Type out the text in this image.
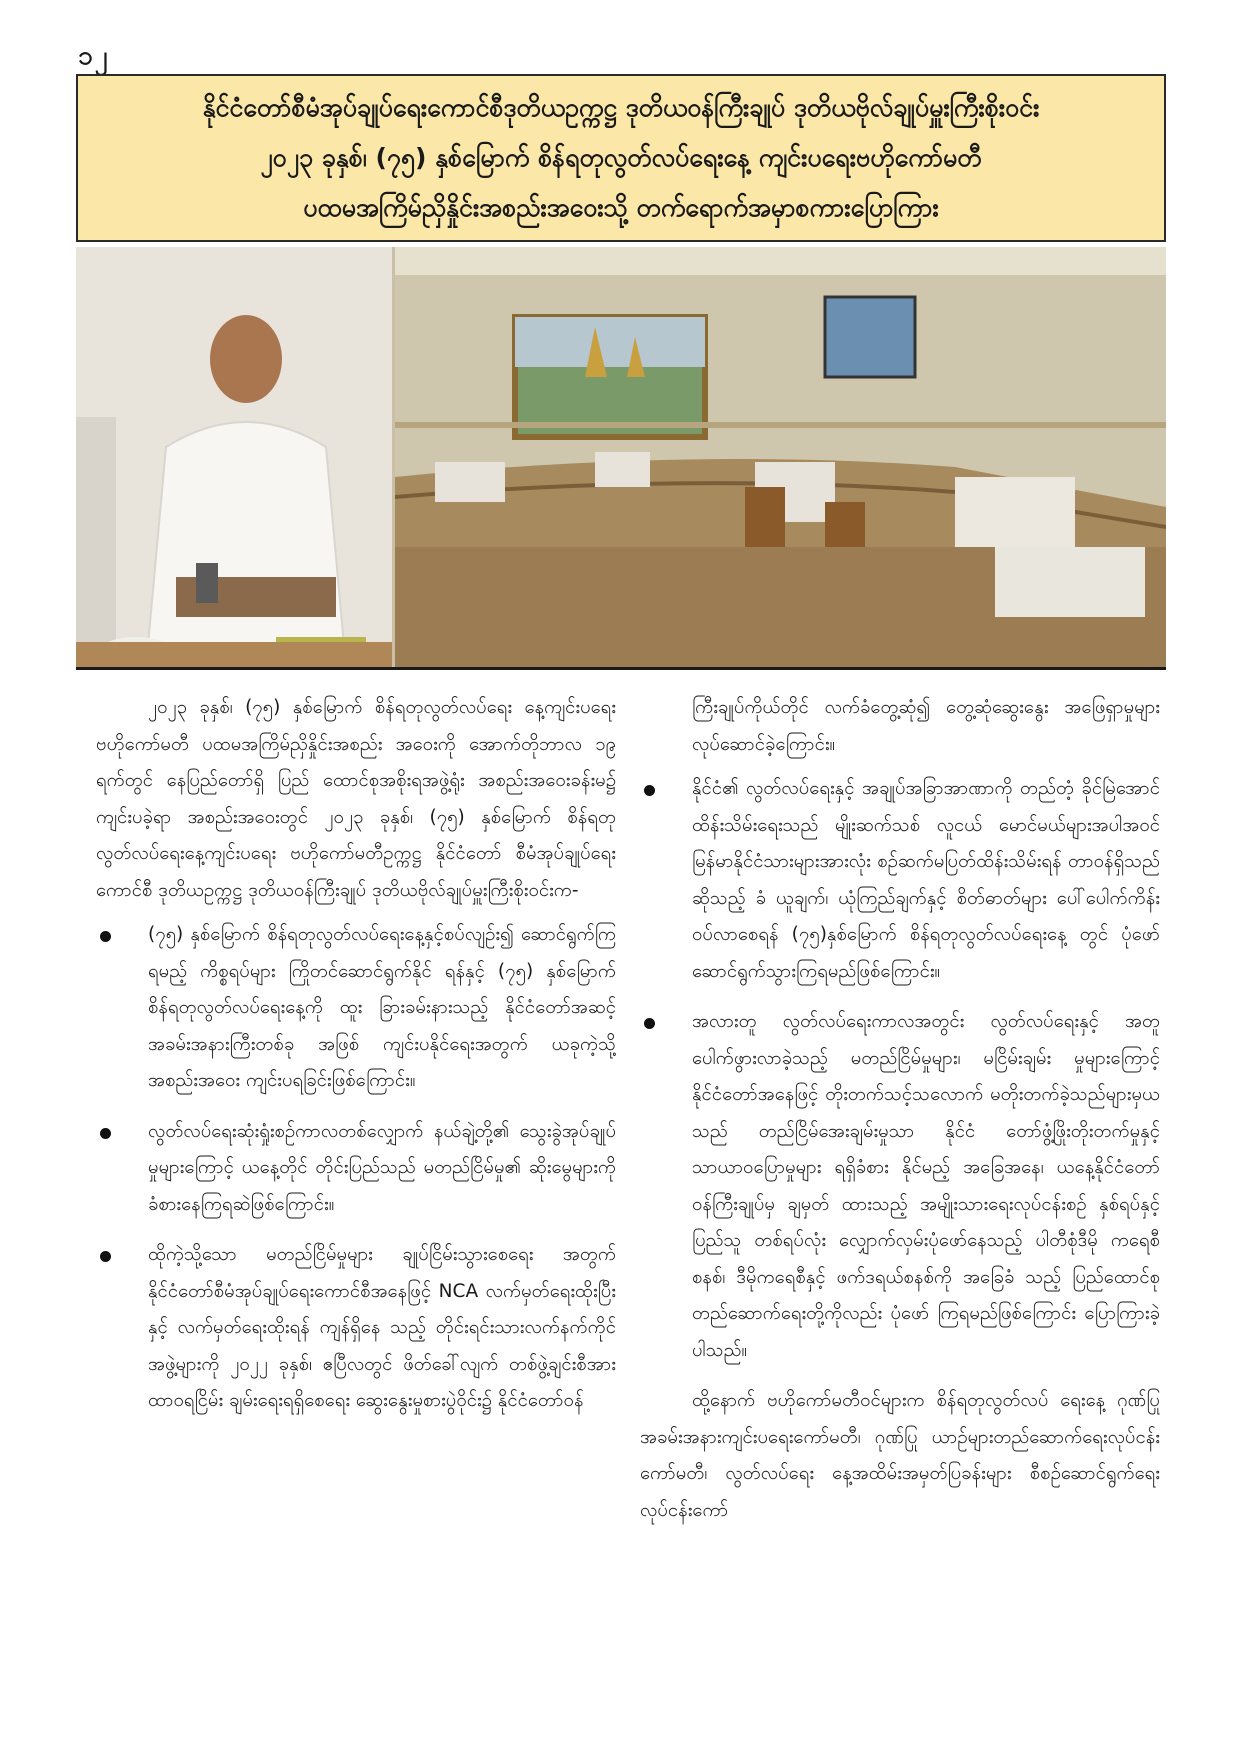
၁၂
နိုင်ငံတော်စီမံအုပ်ချုပ်ရေးကောင်စီဒုတိယဥက္ကဋ္ဌ ဒုတိယဝန်ကြီးချုပ် ဒုတိယဗိုလ်ချုပ်မှူးကြီးစိုးဝင်း
၂၀၂၃ ခုနှစ်၊ (၇၅) နှစ်မြောက် စိန်ရတုလွတ်လပ်ရေးနေ့ ကျင်းပရေးဗဟိုကော်မတီ
ပထမအကြိမ်ညှိနှိုင်းအစည်းအဝေးသို့ တက်ရောက်အမှာစကားပြောကြား

၂၀၂၃ ခုနှစ်၊ (၇၅) နှစ်မြောက် စိန်ရတုလွတ်လပ်ရေး နေ့ကျင်းပရေး ဗဟိုကော်မတီ ပထမအကြိမ်ညှိနှိုင်းအစည်း အဝေးကို အောက်တိုဘာလ ၁၉ ရက်တွင် နေပြည်တော်ရှိ ပြည် ထောင်စုအစိုးရအဖွဲ့ရုံး အစည်းအဝေးခန်းမ၌ ကျင်းပခဲ့ရာ အစည်းအဝေးတွင် ၂၀၂၃ ခုနှစ်၊ (၇၅) နှစ်မြောက် စိန်ရတု လွတ်လပ်ရေးနေ့ကျင်းပရေး ဗဟိုကော်မတီဥက္ကဋ္ဌ နိုင်ငံတော် စီမံအုပ်ချုပ်ရေးကောင်စီ ဒုတိယဥက္ကဋ္ဌ ဒုတိယဝန်ကြီးချုပ် ဒုတိယဗိုလ်ချုပ်မှူးကြီးစိုးဝင်းက-

(၇၅) နှစ်မြောက် စိန်ရတုလွတ်လပ်ရေးနေ့နှင့်စပ်လျဉ်း၍ ဆောင်ရွက်ကြရမည့် ကိစ္စရပ်များ ကြိုတင်ဆောင်ရွက်နိုင် ရန်နှင့် (၇၅) နှစ်မြောက် စိန်ရတုလွတ်လပ်ရေးနေ့ကို ထူး ခြားခမ်းနားသည့် နိုင်ငံတော်အဆင့်အခမ်းအနားကြီးတစ်ခု အဖြစ် ကျင်းပနိုင်ရေးအတွက် ယခုကဲ့သို့ အစည်းအဝေး ကျင်းပရခြင်းဖြစ်ကြောင်း။
လွတ်လပ်ရေးဆုံးရှုံးစဉ်ကာလတစ်လျှောက် နယ်ချဲ့တို့၏ သွေးခွဲအုပ်ချုပ်မှုများကြောင့် ယနေ့တိုင် တိုင်းပြည်သည် မတည်ငြိမ်မှု၏ ဆိုးမွေများကို ခံစားနေကြရဆဲဖြစ်ကြောင်း။
ထိုကဲ့သို့သော မတည်ငြိမ်မှုများ ချုပ်ငြိမ်းသွားစေရေး အတွက် နိုင်ငံတော်စီမံအုပ်ချုပ်ရေးကောင်စီအနေဖြင့် NCA လက်မှတ်ရေးထိုးပြီးနှင့် လက်မှတ်ရေးထိုးရန် ကျန်ရှိနေ သည့် တိုင်းရင်းသားလက်နက်ကိုင်အဖွဲ့များကို ၂၀၂၂ ခုနှစ်၊ ဧပြီလတွင် ဖိတ်ခေါ်လျက် တစ်ဖွဲ့ချင်းစီအား ထာဝရငြိမ်း ချမ်းရေးရရှိစေရေး ဆွေးနွေးမှုစားပွဲဝိုင်း၌ နိုင်ငံတော်ဝန်

ကြီးချုပ်ကိုယ်တိုင် လက်ခံတွေ့ဆုံ၍ တွေ့ဆုံဆွေးနွေး အဖြေရှာမှုများ လုပ်ဆောင်ခဲ့ကြောင်း။

နိုင်ငံ၏ လွတ်လပ်ရေးနှင့် အချုပ်အခြာအာဏာကို တည်တံ့ ခိုင်မြဲအောင် ထိန်းသိမ်းရေးသည် မျိုးဆက်သစ် လူငယ် မောင်မယ်များအပါအဝင် မြန်မာနိုင်ငံသားများအားလုံး စဉ်ဆက်မပြတ်ထိန်းသိမ်းရန် တာဝန်ရှိသည်ဆိုသည့် ခံ ယူချက်၊ ယုံကြည်ချက်နှင့် စိတ်ဓာတ်များ ပေါ်ပေါက်ကိန်း ဝပ်လာစေရန် (၇၅)နှစ်မြောက် စိန်ရတုလွတ်လပ်ရေးနေ့ တွင် ပုံဖော်ဆောင်ရွက်သွားကြရမည်ဖြစ်ကြောင်း။
အလားတူ လွတ်လပ်ရေးကာလအတွင်း လွတ်လပ်ရေးနှင့် အတူ ပေါက်ဖွားလာခဲ့သည့် မတည်ငြိမ်မှုများ၊ မငြိမ်းချမ်း မှုများကြောင့် နိုင်ငံတော်အနေဖြင့် တိုးတက်သင့်သလောက် မတိုးတက်ခဲ့သည်များမှယသည် တည်ငြိမ်အေးချမ်းမှုသာ နိုင်ငံ တော်ဖွံ့ဖြိုးတိုးတက်မှုနှင့် သာယာဝပြောမှုများ ရရှိခံစား နိုင်မည့် အခြေအနေ၊ ယနေ့နိုင်ငံတော်ဝန်ကြီးချုပ်မှ ချမှတ် ထားသည့် အမျိုးသားရေးလုပ်ငန်းစဉ် နှစ်ရပ်နှင့် ပြည်သူ တစ်ရပ်လုံး လျှောက်လှမ်းပုံဖော်နေသည့် ပါတီစုံဒီမို ကရေစီစနစ်၊ ဒီမိုကရေစီနှင့် ဖက်ဒရယ်စနစ်ကို အခြေခံ သည့် ပြည်ထောင်စုတည်ဆောက်ရေးတို့ကိုလည်း ပုံဖော် ကြရမည်ဖြစ်ကြောင်း ပြောကြားခဲ့ပါသည်။

ထို့နောက် ဗဟိုကော်မတီဝင်များက စိန်ရတုလွတ်လပ် ရေးနေ့ ဂုဏ်ပြုအခမ်းအနားကျင်းပရေးကော်မတီ၊ ဂုဏ်ပြု ယာဉ်များတည်ဆောက်ရေးလုပ်ငန်းကော်မတီ၊ လွတ်လပ်ရေး နေ့အထိမ်းအမှတ်ပြခန်းများ စီစဉ်ဆောင်ရွက်ရေးလုပ်ငန်းကော်
